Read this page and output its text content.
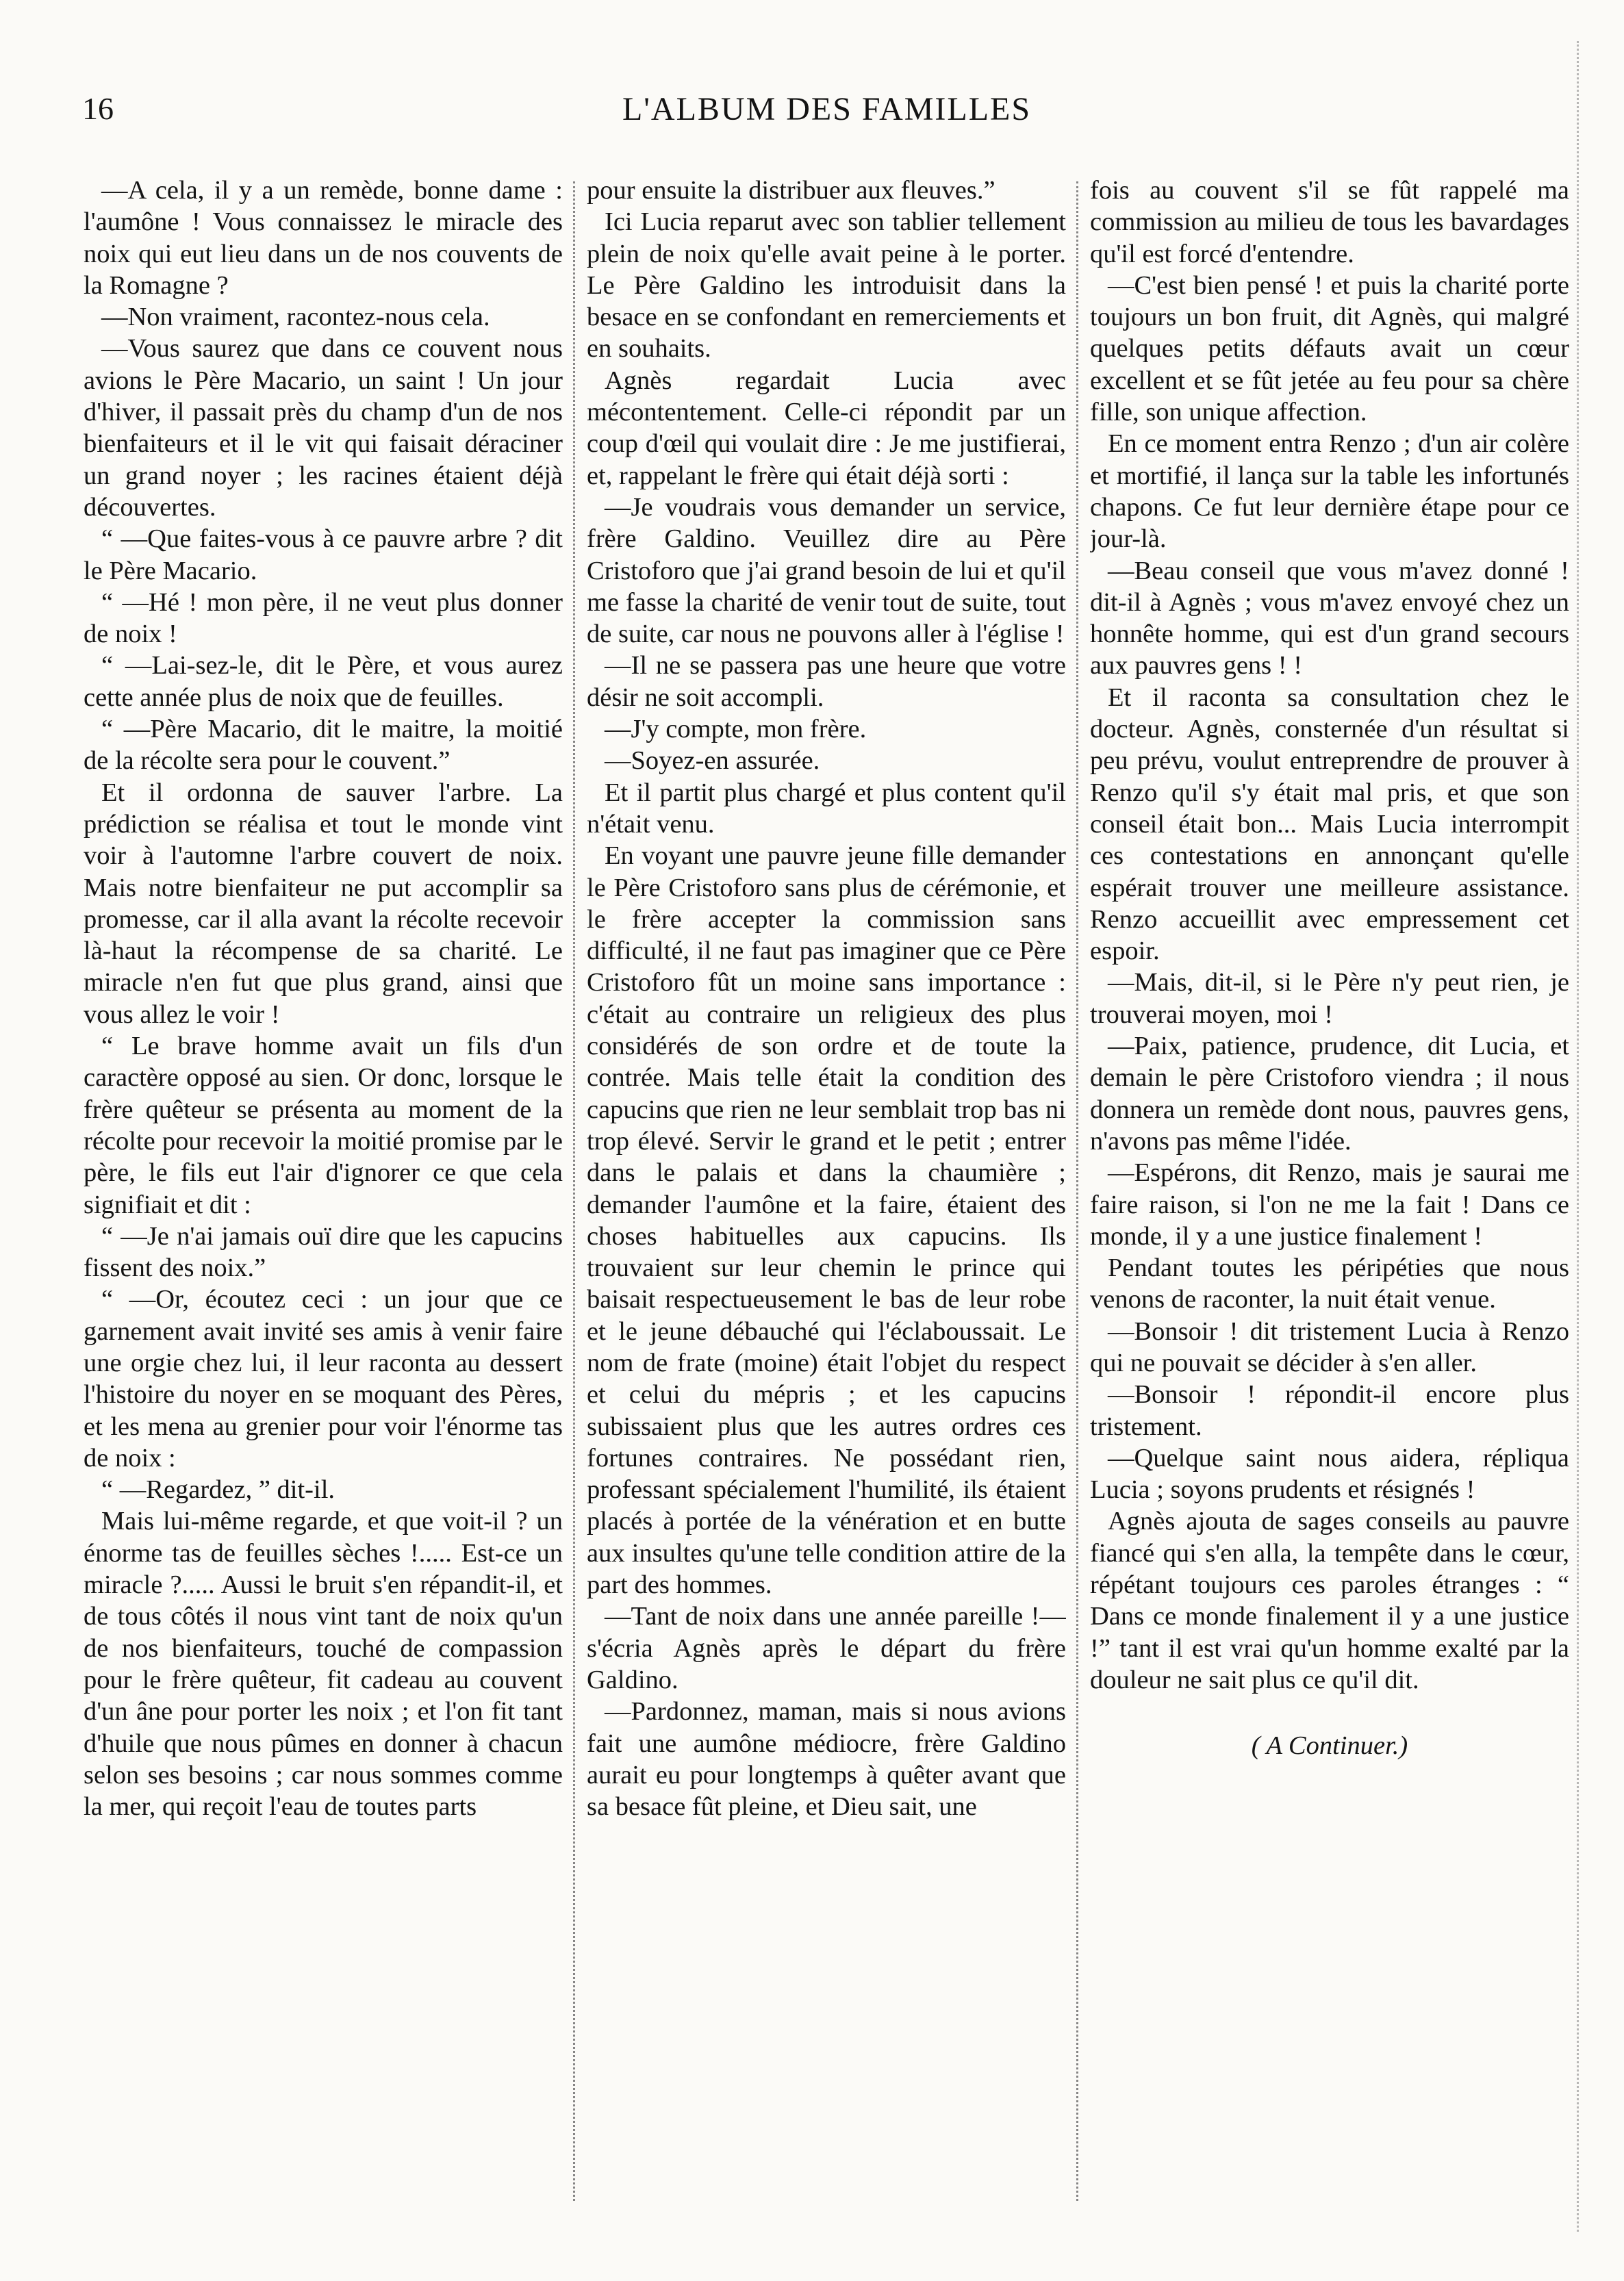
16	L'ALBUM DES FAMILLES

—A cela, il y a un remède, bonne dame : l'aumône ! Vous connaissez le miracle des noix qui eut lieu dans un de nos couvents de la Romagne ?

—Non vraiment, racontez-nous cela.

—Vous saurez que dans ce couvent nous avions le Père Macario, un saint ! Un jour d'hiver, il passait près du champ d'un de nos bienfaiteurs et il le vit qui faisait déraciner un grand noyer ; les racines étaient déjà découvertes.

“ —Que faites-vous à ce pauvre arbre ? dit le Père Macario.

“ —Hé ! mon père, il ne veut plus donner de noix !

“ —Lai-sez-le, dit le Père, et vous aurez cette année plus de noix que de feuilles.

“ —Père Macario, dit le maitre, la moitié de la récolte sera pour le couvent.”

Et il ordonna de sauver l'arbre. La prédiction se réalisa et tout le monde vint voir à l'automne l'arbre couvert de noix. Mais notre bienfaiteur ne put accomplir sa promesse, car il alla avant la récolte recevoir là-haut la récompense de sa charité. Le miracle n'en fut que plus grand, ainsi que vous allez le voir !

“ Le brave homme avait un fils d'un caractère opposé au sien. Or donc, lorsque le frère quêteur se présenta au moment de la récolte pour recevoir la moitié promise par le père, le fils eut l'air d'ignorer ce que cela signifiait et dit :

“ —Je n'ai jamais ouï dire que les capucins fissent des noix.”

“ —Or, écoutez ceci : un jour que ce garnement avait invité ses amis à venir faire une orgie chez lui, il leur raconta au dessert l'histoire du noyer en se moquant des Pères, et les mena au grenier pour voir l'énorme tas de noix :

“ —Regardez, ” dit-il.

Mais lui-même regarde, et que voit-il ? un énorme tas de feuilles sèches !..... Est-ce un miracle ?..... Aussi le bruit s'en répandit-il, et de tous côtés il nous vint tant de noix qu'un de nos bienfaiteurs, touché de compassion pour le frère quêteur, fit cadeau au couvent d'un âne pour porter les noix ; et l'on fit tant d'huile que nous pûmes en donner à chacun selon ses besoins ; car nous sommes comme la mer, qui reçoit l'eau de toutes parts

pour ensuite la distribuer aux fleuves.”

Ici Lucia reparut avec son tablier tellement plein de noix qu'elle avait peine à le porter. Le Père Galdino les introduisit dans la besace en se confondant en remerciements et en souhaits.

Agnès regardait Lucia avec mécontentement. Celle-ci répondit par un coup d'œil qui voulait dire : Je me justifierai, et, rappelant le frère qui était déjà sorti :

—Je voudrais vous demander un service, frère Galdino. Veuillez dire au Père Cristoforo que j'ai grand besoin de lui et qu'il me fasse la charité de venir tout de suite, tout de suite, car nous ne pouvons aller à l'église !

—Il ne se passera pas une heure que votre désir ne soit accompli.

—J'y compte, mon frère.

—Soyez-en assurée.

Et il partit plus chargé et plus content qu'il n'était venu.

En voyant une pauvre jeune fille demander le Père Cristoforo sans plus de cérémonie, et le frère accepter la commission sans difficulté, il ne faut pas imaginer que ce Père Cristoforo fût un moine sans importance : c'était au contraire un religieux des plus considérés de son ordre et de toute la contrée. Mais telle était la condition des capucins que rien ne leur semblait trop bas ni trop élevé. Servir le grand et le petit ; entrer dans le palais et dans la chaumière ; demander l'aumône et la faire, étaient des choses habituelles aux capucins. Ils trouvaient sur leur chemin le prince qui baisait respectueusement le bas de leur robe et le jeune débauché qui l'éclaboussait. Le nom de frate (moine) était l'objet du respect et celui du mépris ; et les capucins subissaient plus que les autres ordres ces fortunes contraires. Ne possédant rien, professant spécialement l'humilité, ils étaient placés à portée de la vénération et en butte aux insultes qu'une telle condition attire de la part des hommes.

—Tant de noix dans une année pareille !—s'écria Agnès après le départ du frère Galdino.

—Pardonnez, maman, mais si nous avions fait une aumône médiocre, frère Galdino aurait eu pour longtemps à quêter avant que sa besace fût pleine, et Dieu sait, une

fois au couvent s'il se fût rappelé ma commission au milieu de tous les bavardages qu'il est forcé d'entendre.

—C'est bien pensé ! et puis la charité porte toujours un bon fruit, dit Agnès, qui malgré quelques petits défauts avait un cœur excellent et se fût jetée au feu pour sa chère fille, son unique affection.

En ce moment entra Renzo ; d'un air colère et mortifié, il lança sur la table les infortunés chapons. Ce fut leur dernière étape pour ce jour-là.

—Beau conseil que vous m'avez donné ! dit-il à Agnès ; vous m'avez envoyé chez un honnête homme, qui est d'un grand secours aux pauvres gens ! !

Et il raconta sa consultation chez le docteur. Agnès, consternée d'un résultat si peu prévu, voulut entreprendre de prouver à Renzo qu'il s'y était mal pris, et que son conseil était bon... Mais Lucia interrompit ces contestations en annonçant qu'elle espérait trouver une meilleure assistance. Renzo accueillit avec empressement cet espoir.

—Mais, dit-il, si le Père n'y peut rien, je trouverai moyen, moi !

—Paix, patience, prudence, dit Lucia, et demain le père Cristoforo viendra ; il nous donnera un remède dont nous, pauvres gens, n'avons pas même l'idée.

—Espérons, dit Renzo, mais je saurai me faire raison, si l'on ne me la fait ! Dans ce monde, il y a une justice finalement !

Pendant toutes les péripéties que nous venons de raconter, la nuit était venue.

—Bonsoir ! dit tristement Lucia à Renzo qui ne pouvait se décider à s'en aller.

—Bonsoir ! répondit-il encore plus tristement.

—Quelque saint nous aidera, répliqua Lucia ; soyons prudents et résignés !

Agnès ajouta de sages conseils au pauvre fiancé qui s'en alla, la tempête dans le cœur, répétant toujours ces paroles étranges : “ Dans ce monde finalement il y a une justice !” tant il est vrai qu'un homme exalté par la douleur ne sait plus ce qu'il dit.

( A Continuer.)
